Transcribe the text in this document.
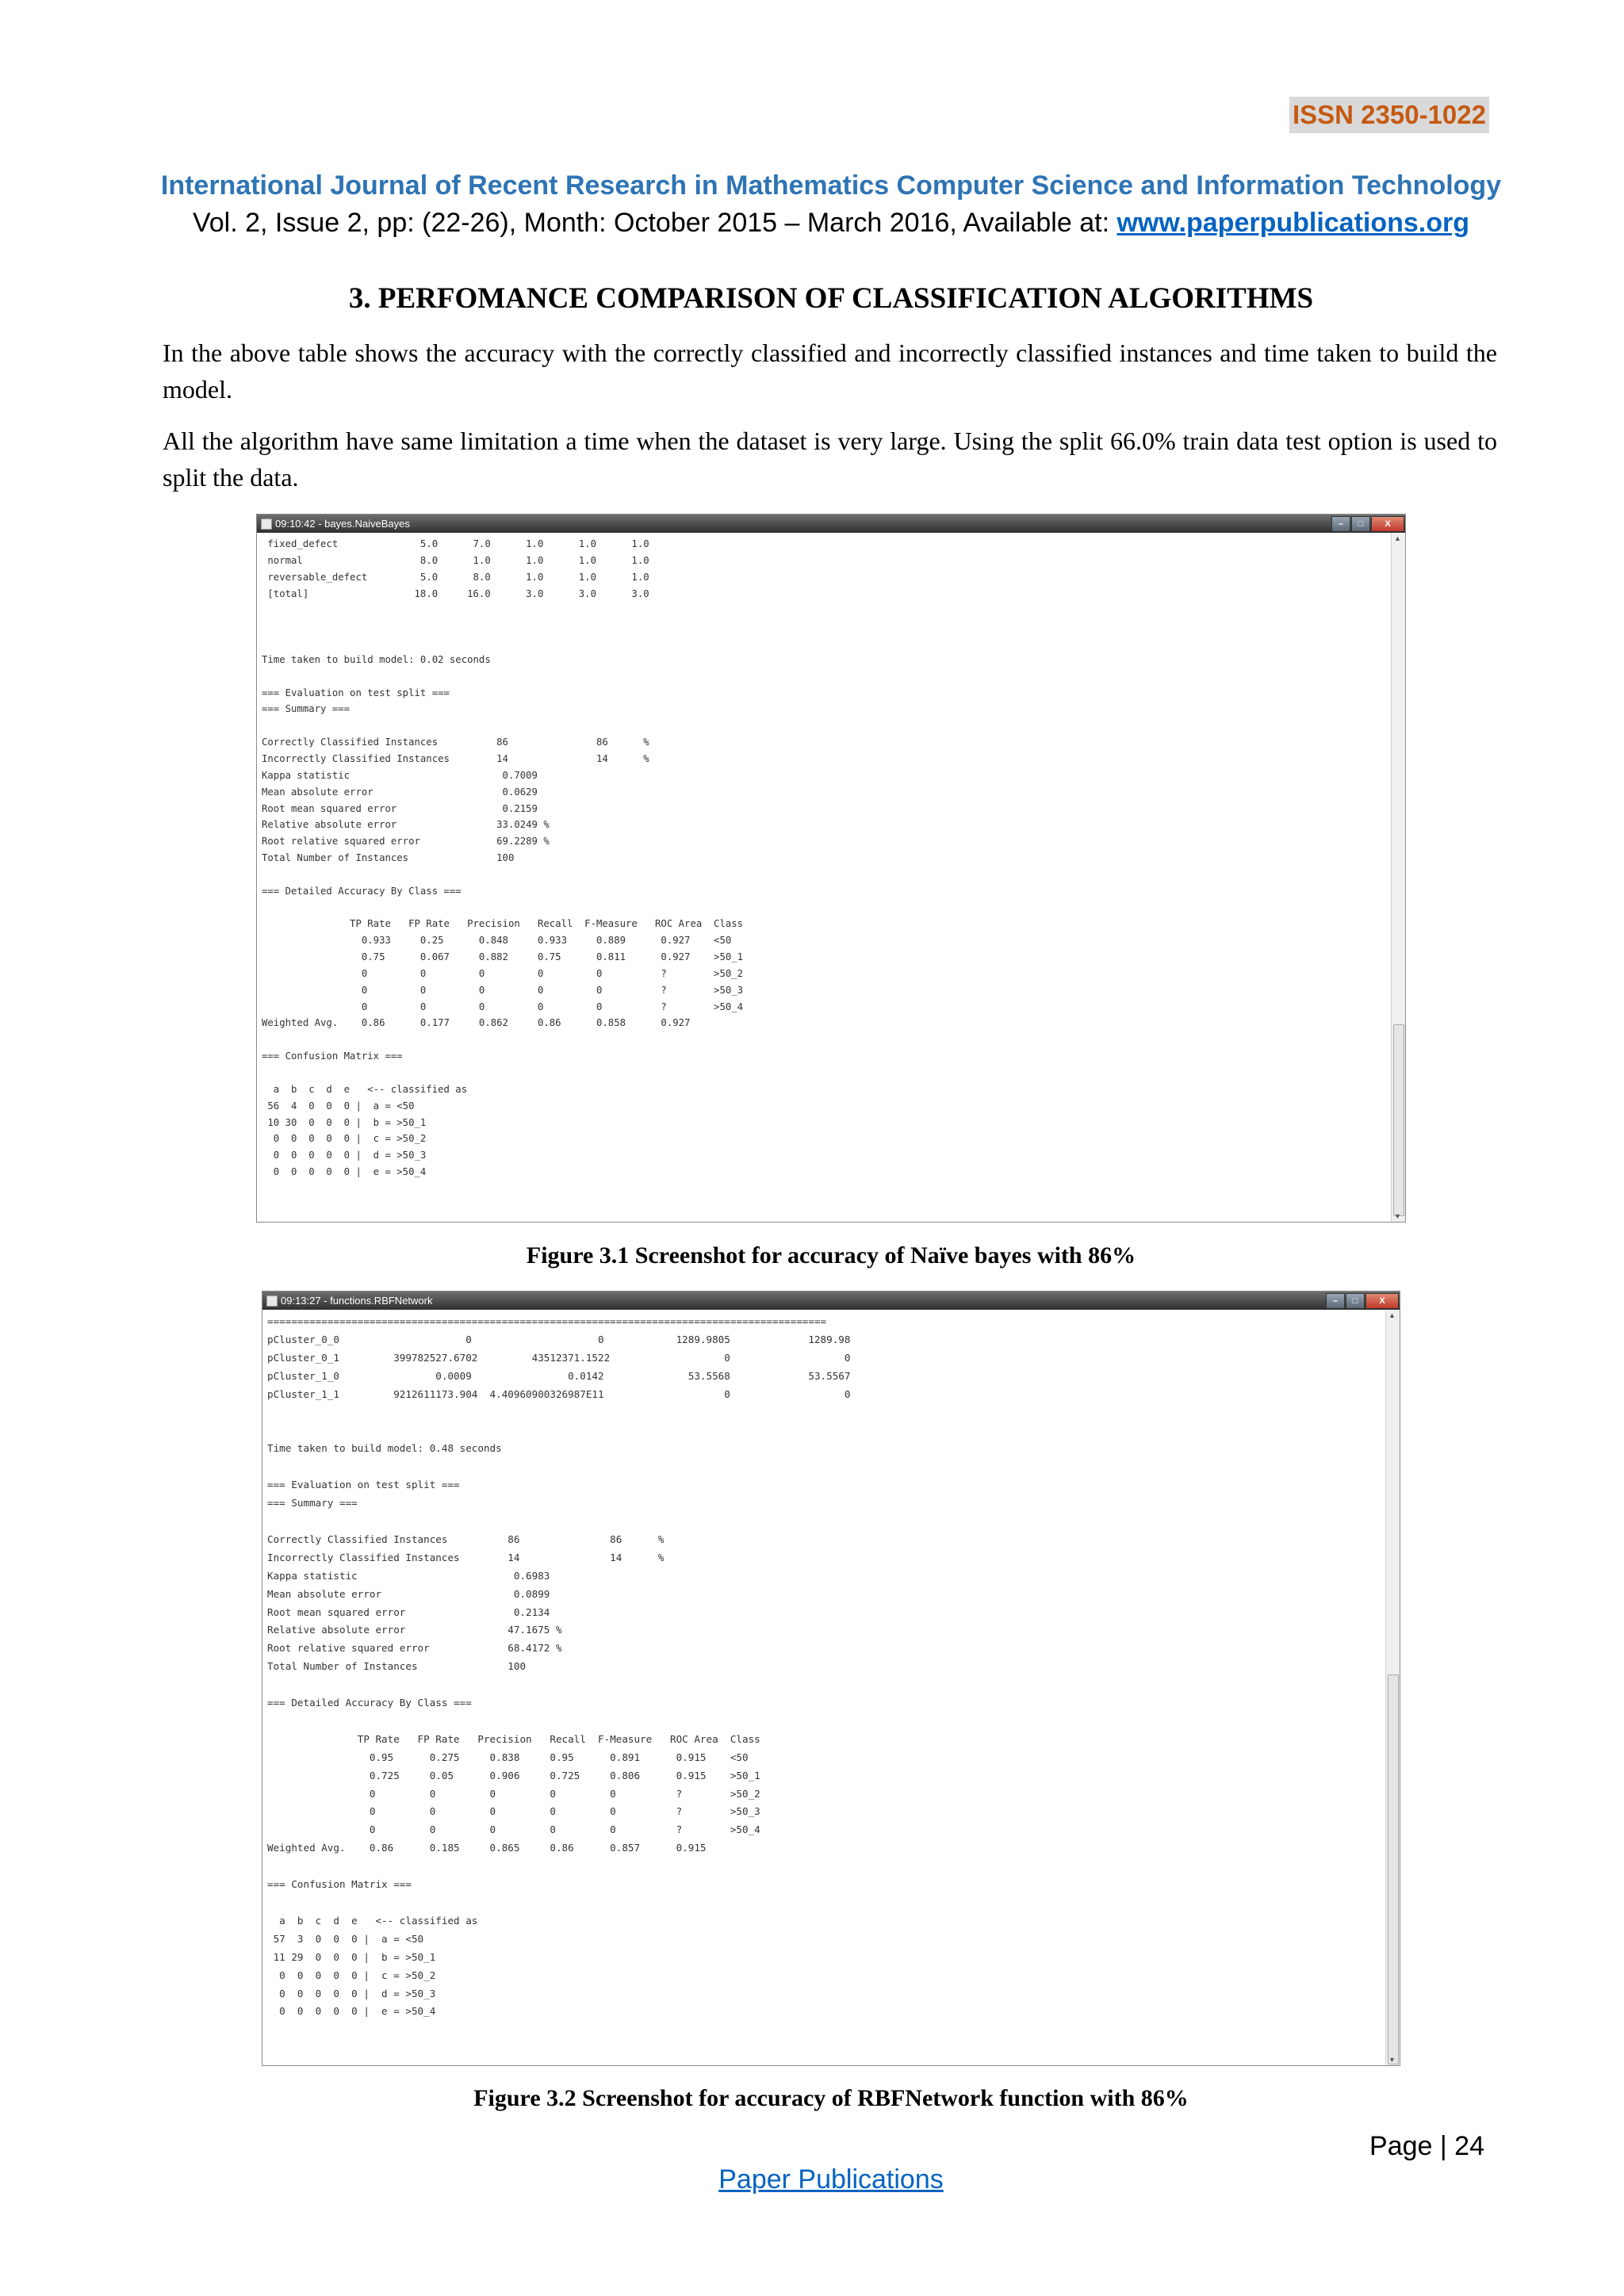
ISSN 2350-1022
International Journal of Recent Research in Mathematics Computer Science and Information Technology
Vol. 2, Issue 2, pp: (22-26), Month: October 2015 – March 2016, Available at: www.paperpublications.org
3. PERFOMANCE COMPARISON OF CLASSIFICATION ALGORITHMS

In the above table shows the accuracy with the correctly classified and incorrectly classified instances and time taken to build the model.

All the algorithm have same limitation a time when the dataset is very large. Using the split 66.0% train data test option is used to split the data.

09:10:42 - bayes.NaiveBayes	–	□	X
fixed_defect              5.0      7.0      1.0      1.0      1.0
normal                    8.0      1.0      1.0      1.0      1.0
reversable_defect         5.0      8.0      1.0      1.0      1.0
[total]                  18.0     16.0      3.0      3.0      3.0

Time taken to build model: 0.02 seconds

=== Evaluation on test split ===
=== Summary ===

Correctly Classified Instances          86               86      %
Incorrectly Classified Instances        14               14      %
Kappa statistic                          0.7009
Mean absolute error                      0.0629
Root mean squared error                  0.2159
Relative absolute error                 33.0249 %
Root relative squared error             69.2289 %
Total Number of Instances               100

=== Detailed Accuracy By Class ===

TP Rate   FP Rate   Precision   Recall  F-Measure   ROC Area  Class
0.933     0.25      0.848     0.933     0.889      0.927    <50
0.75      0.067     0.882     0.75      0.811      0.927    >50_1
0         0         0         0         0          ?        >50_2
0         0         0         0         0          ?        >50_3
0         0         0         0         0          ?        >50_4
Weighted Avg.    0.86      0.177     0.862     0.86      0.858      0.927

=== Confusion Matrix ===

a  b  c  d  e   <-- classified as
56  4  0  0  0 |  a = <50
10 30  0  0  0 |  b = >50_1
0  0  0  0  0 |  c = >50_2
0  0  0  0  0 |  d = >50_3
0  0  0  0  0 |  e = >50_4
▲
▼
Figure 3.1 Screenshot for accuracy of Naïve bayes with 86%
09:13:27 - functions.RBFNetwork	–	□	X
=============================================================================================
pCluster_0_0                     0                     0            1289.9805             1289.98
pCluster_0_1         399782527.6702         43512371.1522                   0                   0
pCluster_1_0                0.0009                0.0142              53.5568             53.5567
pCluster_1_1         9212611173.904  4.40960900326987E11                    0                   0

Time taken to build model: 0.48 seconds

=== Evaluation on test split ===
=== Summary ===

Correctly Classified Instances          86               86      %
Incorrectly Classified Instances        14               14      %
Kappa statistic                          0.6983
Mean absolute error                      0.0899
Root mean squared error                  0.2134
Relative absolute error                 47.1675 %
Root relative squared error             68.4172 %
Total Number of Instances               100

=== Detailed Accuracy By Class ===

TP Rate   FP Rate   Precision   Recall  F-Measure   ROC Area  Class
0.95      0.275     0.838     0.95      0.891      0.915    <50
0.725     0.05      0.906     0.725     0.806      0.915    >50_1
0         0         0         0         0          ?        >50_2
0         0         0         0         0          ?        >50_3
0         0         0         0         0          ?        >50_4
Weighted Avg.    0.86      0.185     0.865     0.86      0.857      0.915

=== Confusion Matrix ===

a  b  c  d  e   <-- classified as
57  3  0  0  0 |  a = <50
11 29  0  0  0 |  b = >50_1
0  0  0  0  0 |  c = >50_2
0  0  0  0  0 |  d = >50_3
0  0  0  0  0 |  e = >50_4
▲
▼
Figure 3.2 Screenshot for accuracy of RBFNetwork function with 86%
Page | 24
Paper Publications
